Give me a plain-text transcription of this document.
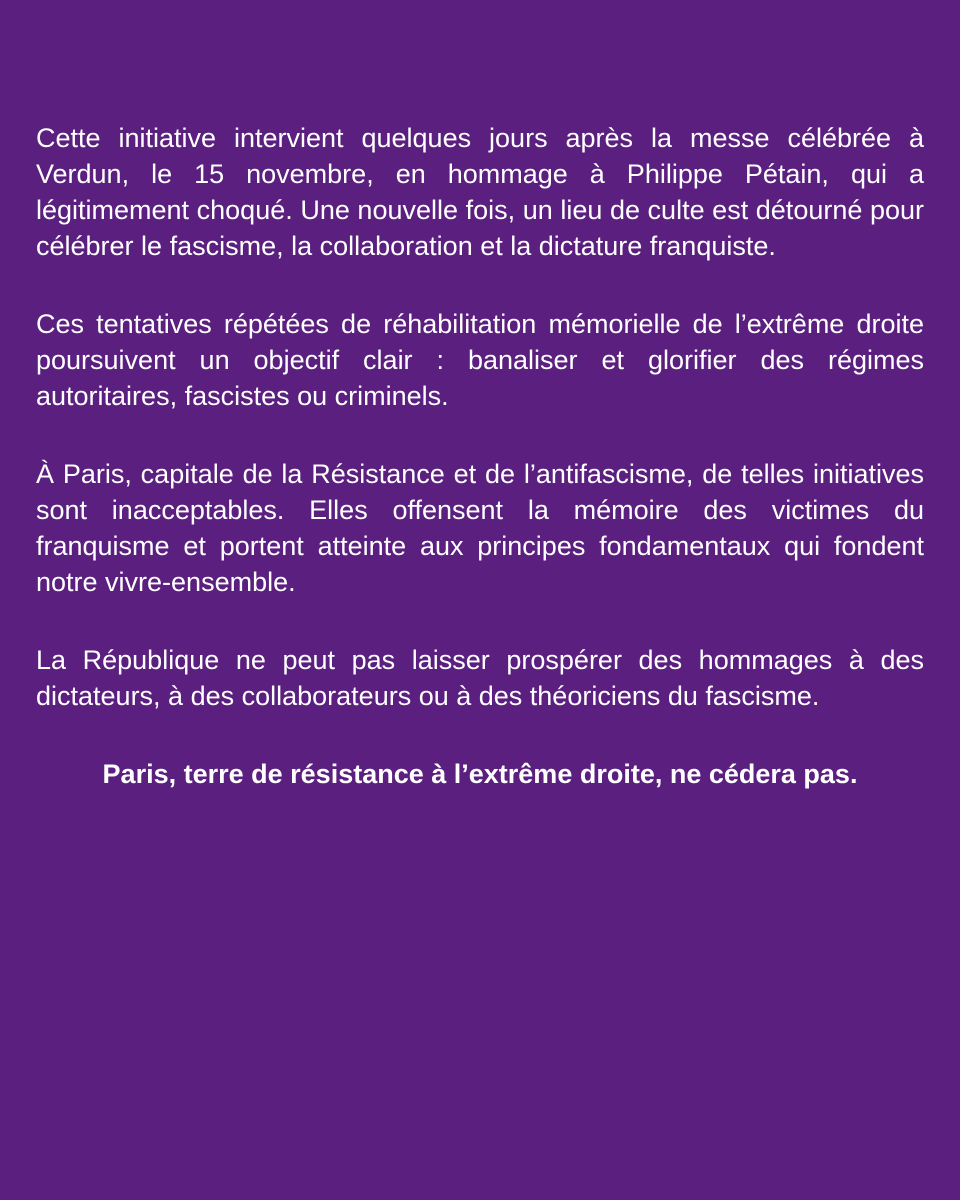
Cette initiative intervient quelques jours après la messe célébrée à Verdun, le 15 novembre, en hommage à Philippe Pétain, qui a légitimement choqué. Une nouvelle fois, un lieu de culte est détourné pour célébrer le fascisme, la collaboration et la dictature franquiste.

Ces tentatives répétées de réhabilitation mémorielle de l’extrême droite poursuivent un objectif clair : banaliser et glorifier des régimes autoritaires, fascistes ou criminels.

À Paris, capitale de la Résistance et de l’antifascisme, de telles initiatives sont inacceptables. Elles offensent la mémoire des victimes du franquisme et portent atteinte aux principes fondamentaux qui fondent notre vivre-ensemble.

La République ne peut pas laisser prospérer des hommages à des dictateurs, à des collaborateurs ou à des théoriciens du fascisme.

Paris, terre de résistance à l’extrême droite, ne cédera pas.
